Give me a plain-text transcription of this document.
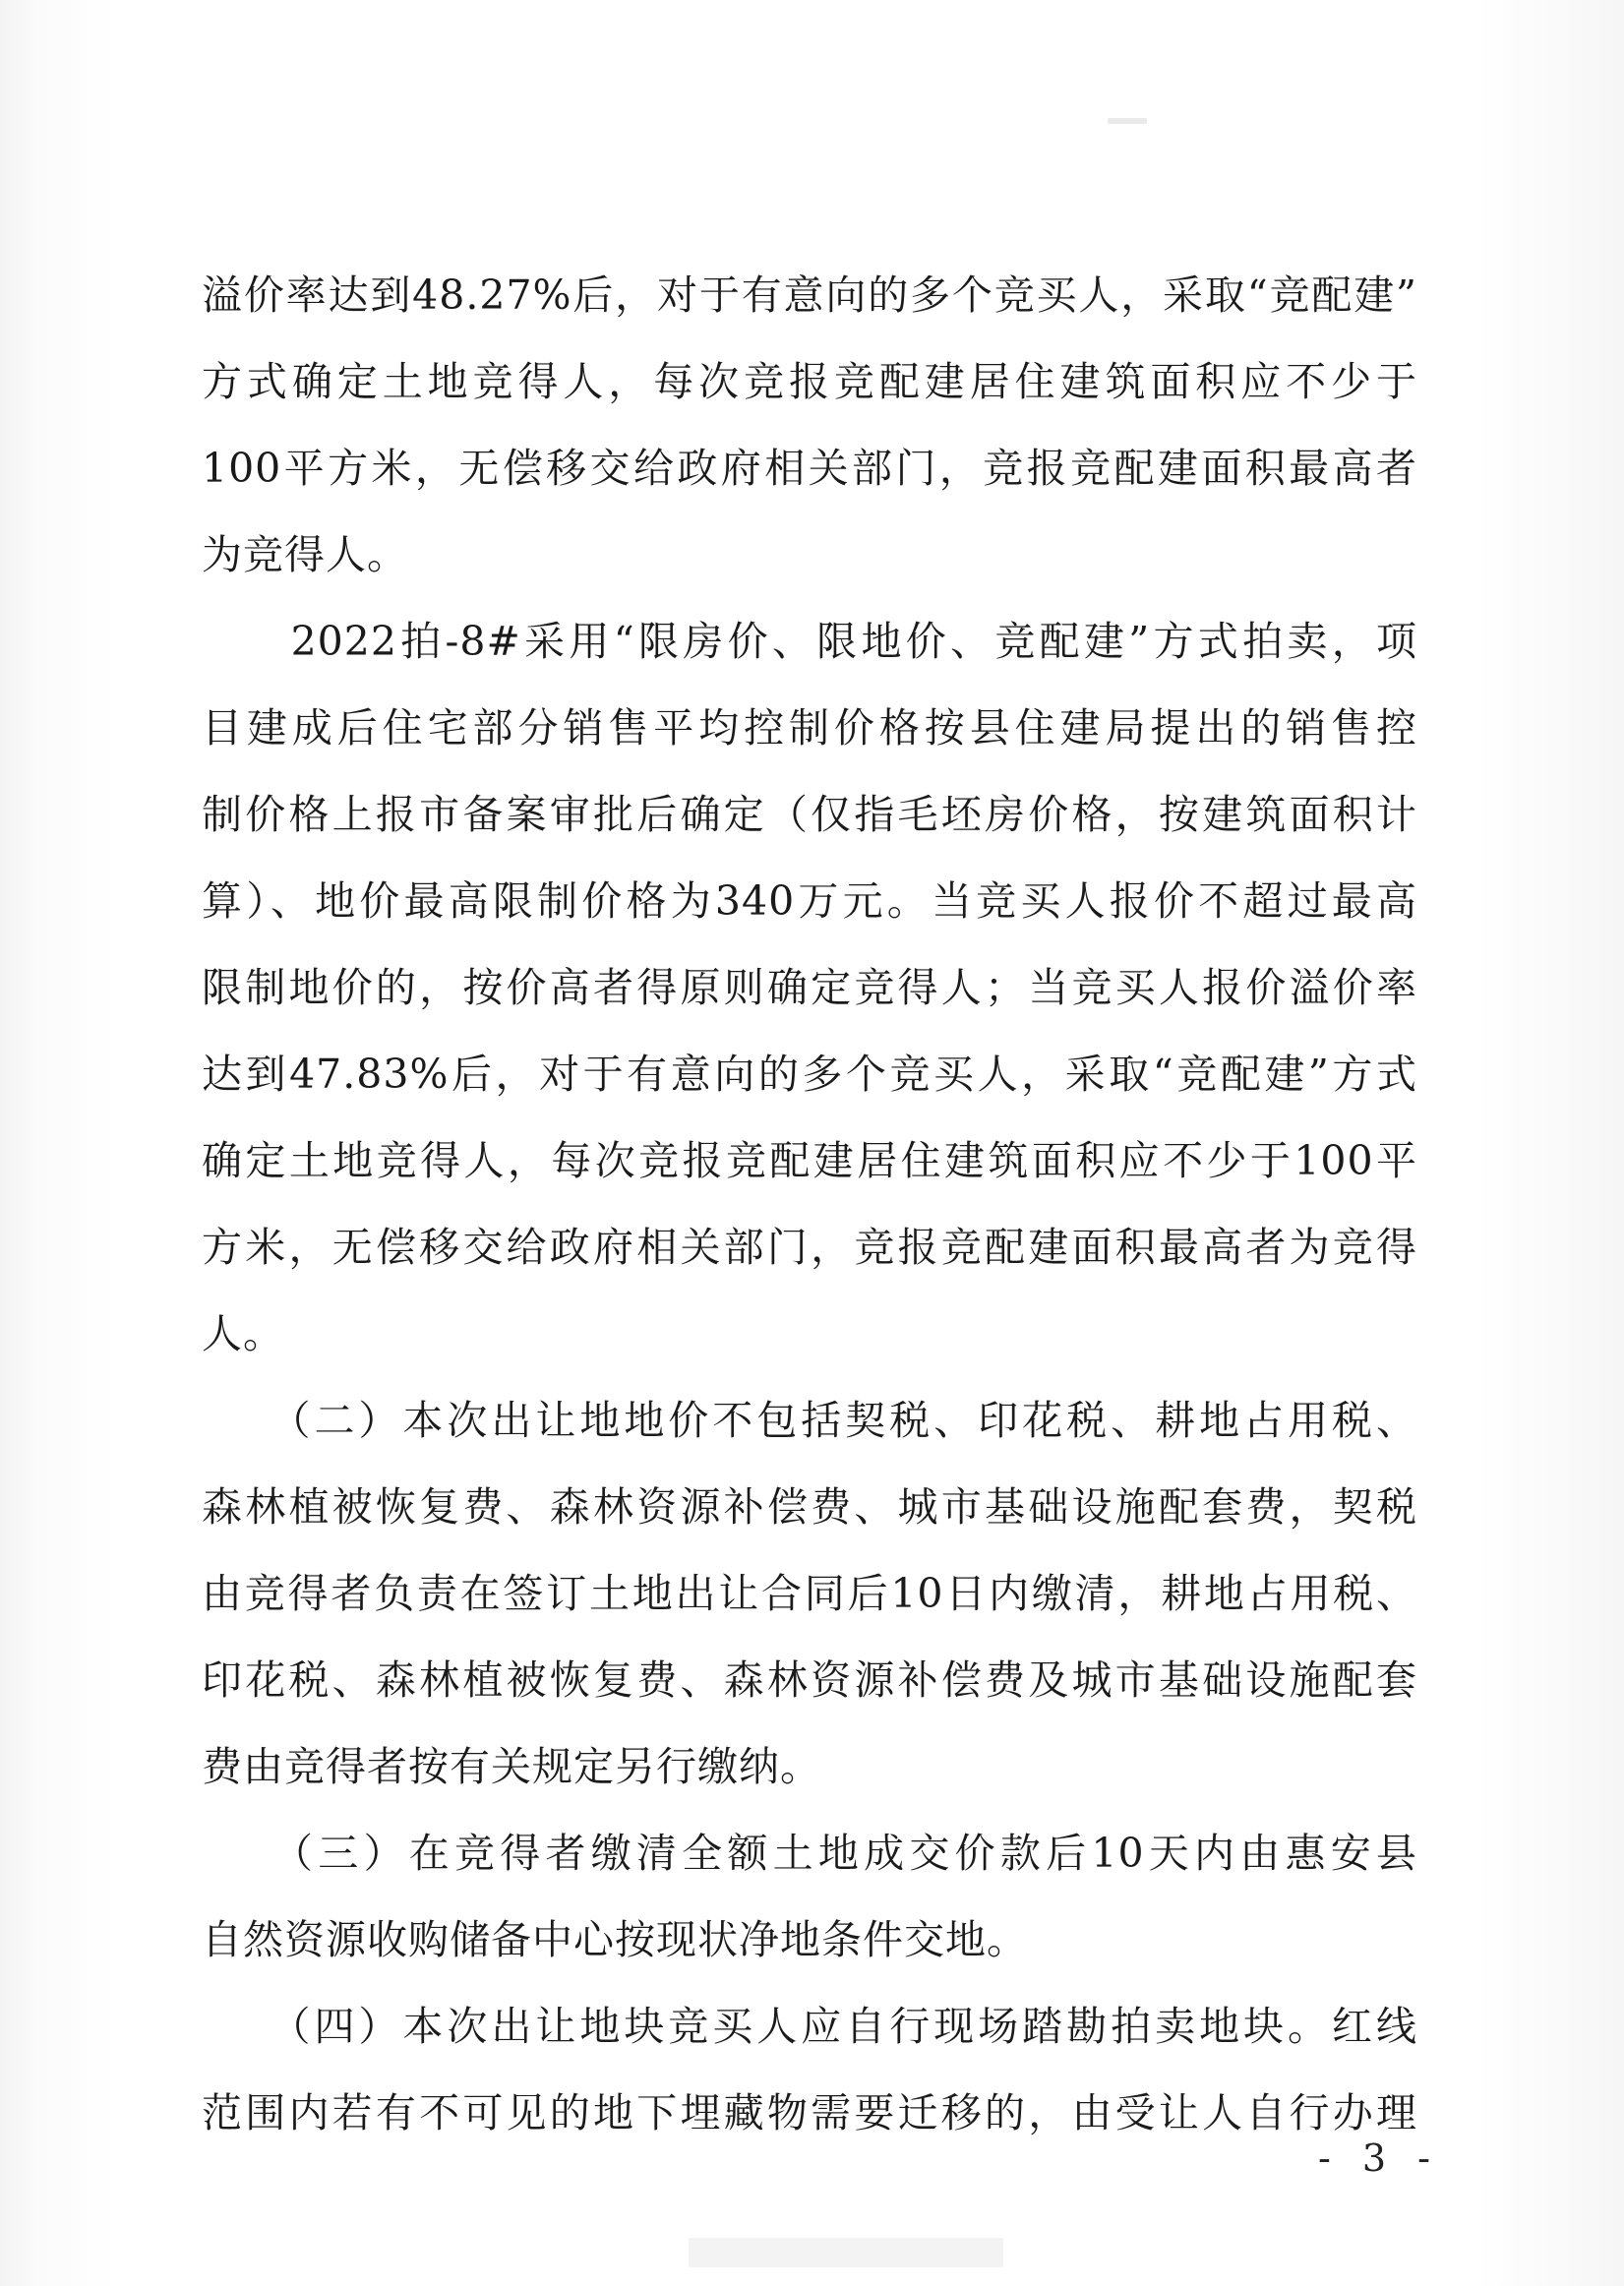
溢价率达到48.27%后，对于有意向的多个竞买人，采取“竞配建”
方式确定土地竞得人，每次竞报竞配建居住建筑面积应不少于
100平方米，无偿移交给政府相关部门，竞报竞配建面积最高者
为竞得人。
　　2022拍-8#采用“限房价、限地价、竞配建”方式拍卖，项
目建成后住宅部分销售平均控制价格按县住建局提出的销售控
制价格上报市备案审批后确定（仅指毛坯房价格，按建筑面积计
算）、地价最高限制价格为340万元。当竞买人报价不超过最高
限制地价的，按价高者得原则确定竞得人；当竞买人报价溢价率
达到47.83%后，对于有意向的多个竞买人，采取“竞配建”方式
确定土地竞得人，每次竞报竞配建居住建筑面积应不少于100平
方米，无偿移交给政府相关部门，竞报竞配建面积最高者为竞得
人。
　　（二）本次出让地地价不包括契税、印花税、耕地占用税、
森林植被恢复费、森林资源补偿费、城市基础设施配套费，契税
由竞得者负责在签订土地出让合同后10日内缴清，耕地占用税、
印花税、森林植被恢复费、森林资源补偿费及城市基础设施配套
费由竞得者按有关规定另行缴纳。
　　（三）在竞得者缴清全额土地成交价款后10天内由惠安县
自然资源收购储备中心按现状净地条件交地。
　　（四）本次出让地块竞买人应自行现场踏勘拍卖地块。红线
范围内若有不可见的地下埋藏物需要迁移的，由受让人自行办理
- 3 -
